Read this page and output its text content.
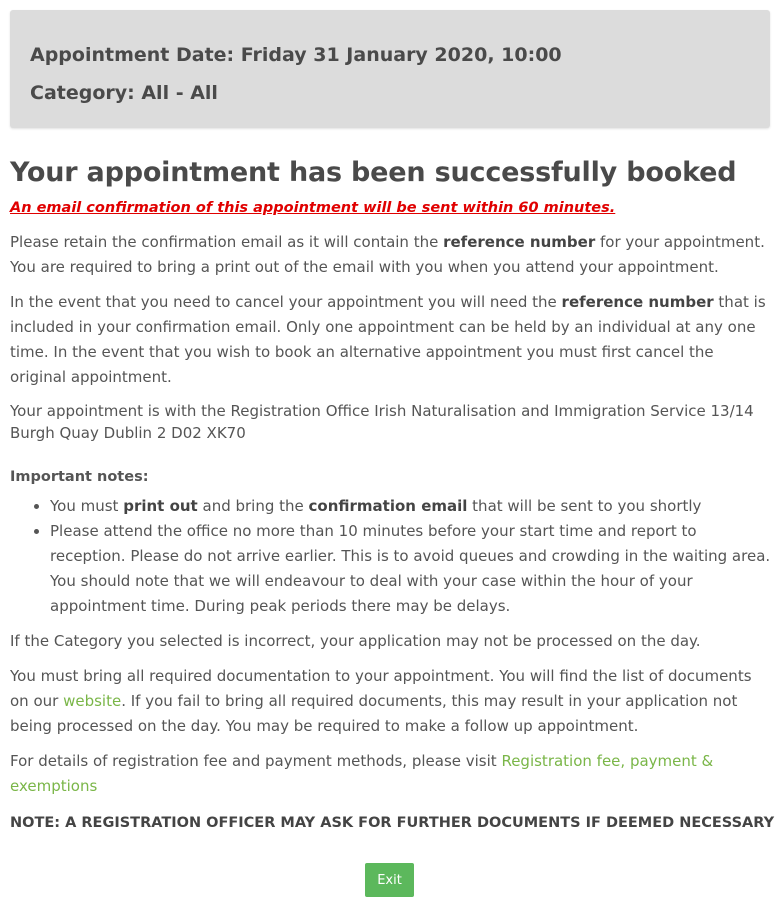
Appointment Date: Friday 31 January 2020, 10:00
Category: All - All
Your appointment has been successfully booked
An email confirmation of this appointment will be sent within 60 minutes.

Please retain the confirmation email as it will contain the reference number for your appointment. You are required to bring a print out of the email with you when you attend your appointment.

In the event that you need to cancel your appointment you will need the reference number that is included in your confirmation email. Only one appointment can be held by an individual at any one time. In the event that you wish to book an alternative appointment you must first cancel the original appointment.

Your appointment is with the Registration Office Irish Naturalisation and Immigration Service 13/14 Burgh Quay Dublin 2 D02 XK70

Important notes:
• You must print out and bring the confirmation email that will be sent to you shortly
• Please attend the office no more than 10 minutes before your start time and report to reception. Please do not arrive earlier. This is to avoid queues and crowding in the waiting area. You should note that we will endeavour to deal with your case within the hour of your appointment time. During peak periods there may be delays.

If the Category you selected is incorrect, your application may not be processed on the day.

You must bring all required documentation to your appointment. You will find the list of documents on our website. If you fail to bring all required documents, this may result in your application not being processed on the day. You may be required to make a follow up appointment.

For details of registration fee and payment methods, please visit Registration fee, payment & exemptions

NOTE: A REGISTRATION OFFICER MAY ASK FOR FURTHER DOCUMENTS IF DEEMED NECESSARY
Exit
